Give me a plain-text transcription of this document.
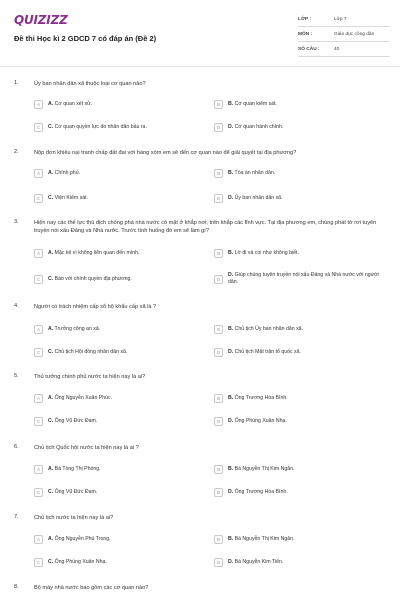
QUIZIZZ
Đề thi Học kì 2 GDCD 7 có đáp án (Đề 2)
LỚP :	Lớp 7
MÔN :	Giáo dục công dân
SỐ CÂU :	40
1.	Ủy ban nhân dân xã thuộc loại cơ quan nào?
A	A. Cơ quan xét xử.	B	B. Cơ quan kiểm sát.
C	C. Cơ quan quyền lực do nhân dân bầu ra.	D	D. Cơ quan hành chính.
2.	Nộp đơn khiếu nại tranh chấp đất đai với hàng xóm em sẽ đến cơ quan nào để giải quyết tại địa phương?
A	A. Chính phủ.	B	B. Tòa án nhân dân.
C	C. Viện Kiểm sát.	D	D. Ủy ban nhân dân xã.
3.	Hiện nay các thế lực thù địch chống phá nhà nước có mặt ở khắp nơi, trên khắp các lĩnh vực. Tại địa phương em, chúng phát tờ rơi tuyên truyền nói xấu Đảng và Nhà nước. Trước tình huống đó em sẽ làm gì?
A	A. Mặc kệ vì không liên quan đến mình.	B	B. Lờ đi và coi như không biết.
C	C. Báo với chính quyền địa phương.	D
D. Giúp chúng tuyên truyền nói xấu Đảng và Nhà nước với người dân.
4.	Người có trách nhiệm cấp sổ hộ khẩu cấp xã là ?
A	A. Trưởng công an xã.	B	B. Chủ tịch Ủy ban nhân dân xã.
C	C. Chủ tịch Hội đồng nhân dân xã.	D	D. Chủ tịch Mặt trận tổ quốc xã.
5.	Thủ tướng chính phủ nước ta hiện nay là ai?
A	A. Ông Nguyễn Xuân Phúc.	B	B. Ông Trương Hòa Bình.
C	C. Ông Vũ Đức Đam.	D	D. Ông Phùng Xuân Nhạ.
6.	Chủ tịch Quốc hội nước ta hiện nay là ai ?
A	A. Bà Tòng Thị Phóng.	B	B. Bà Nguyễn Thị Kim Ngân.
C	C. Ông Vũ Đức Đam.	D	D. Ông Trương Hòa Bình.
7.	Chủ tịch nước ta hiện nay là ai?
A	A. Ông Nguyễn Phú Trọng.	B	B. Bà Nguyễn Thị Kim Ngân.
C	C. Ông Phùng Xuân Nhạ.	D	D. Bà Nguyễn Kim Tiến.
8.	Bộ máy nhà nước bao gồm các cơ quan nào?
